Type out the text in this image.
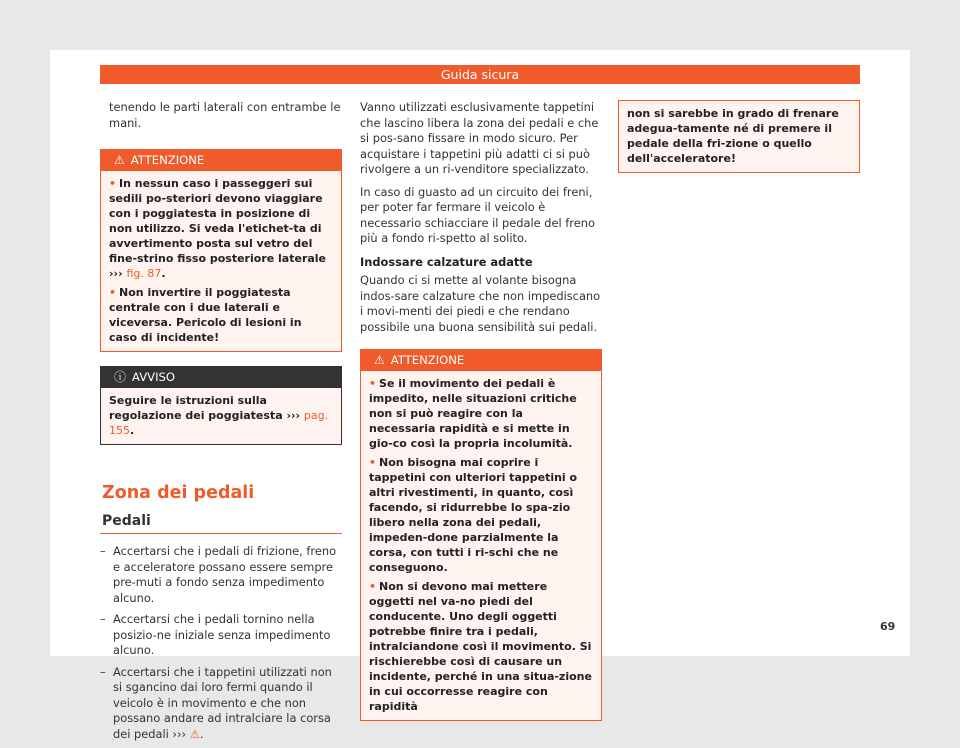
Guida sicura

tenendo le parti laterali con entrambe le mani.

⚠ ATTENZIONE

• In nessun caso i passeggeri sui sedili po-steriori devono viaggiare con i poggiatesta in posizione di non utilizzo. Si veda l'etichet-ta di avvertimento posta sul vetro del fine-strino fisso posteriore laterale ››› fig. 87.

• Non invertire il poggiatesta centrale con i due laterali e viceversa. Pericolo di lesioni in caso di incidente!

ⓘ AVVISO

Seguire le istruzioni sulla regolazione dei poggiatesta ››› pag. 155.

Zona dei pedali
Pedali
– Accertarsi che i pedali di frizione, freno e acceleratore possano essere sempre pre-muti a fondo senza impedimento alcuno.
– Accertarsi che i pedali tornino nella posizio-ne iniziale senza impedimento alcuno.
– Accertarsi che i tappetini utilizzati non si sgancino dai loro fermi quando il veicolo è in movimento e che non possano andare ad intralciare la corsa dei pedali ››› ⚠.

Vanno utilizzati esclusivamente tappetini che lascino libera la zona dei pedali e che si pos-sano fissare in modo sicuro. Per acquistare i tappetini più adatti ci si può rivolgere a un ri-venditore specializzato.

In caso di guasto ad un circuito dei freni, per poter far fermare il veicolo è necessario schiacciare il pedale del freno più a fondo ri-spetto al solito.

Indossare calzature adatte

Quando ci si mette al volante bisogna indos-sare calzature che non impediscano i movi-menti dei piedi e che rendano possibile una buona sensibilità sui pedali.

⚠ ATTENZIONE

• Se il movimento dei pedali è impedito, nelle situazioni critiche non si può reagire con la necessaria rapidità e si mette in gio-co così la propria incolumità.

• Non bisogna mai coprire i tappetini con ulteriori tappetini o altri rivestimenti, in quanto, così facendo, si ridurrebbe lo spa-zio libero nella zona dei pedali, impeden-done parzialmente la corsa, con tutti i ri-schi che ne conseguono.

• Non si devono mai mettere oggetti nel va-no piedi del conducente. Uno degli oggetti potrebbe finire tra i pedali, intralciandone così il movimento. Si rischierebbe così di causare un incidente, perché in una situa-zione in cui occorresse reagire con rapidità

non si sarebbe in grado di frenare adegua-tamente né di premere il pedale della fri-zione o quello dell'acceleratore!

69
